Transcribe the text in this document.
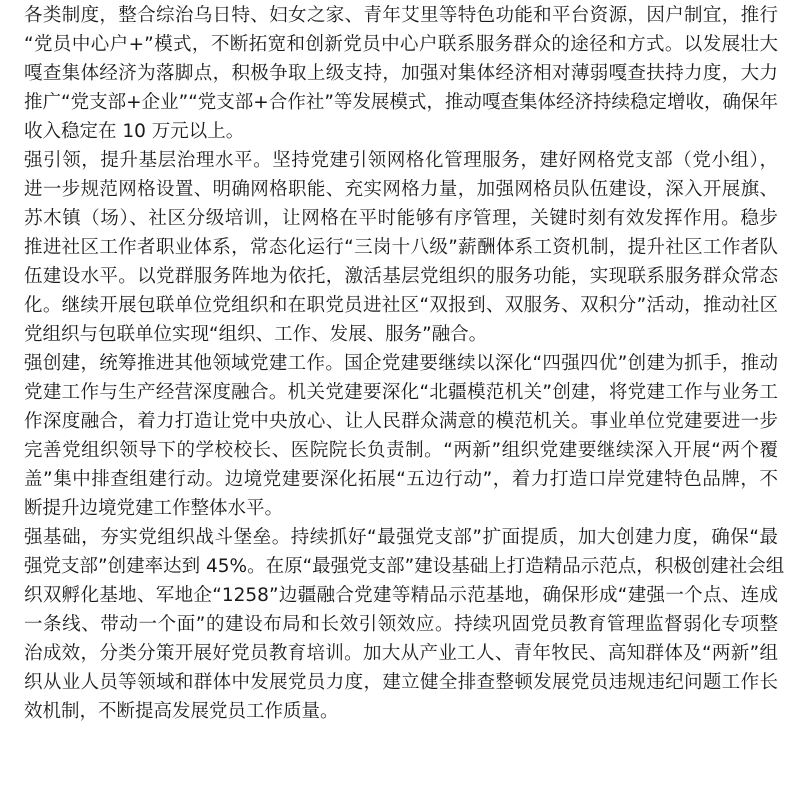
各类制度，整合综治乌日特、妇女之家、青年艾里等特色功能和平台资源，因户制宜，推行
“党员中心户+”模式，不断拓宽和创新党员中心户联系服务群众的途径和方式。以发展壮大
嘎查集体经济为落脚点，积极争取上级支持，加强对集体经济相对薄弱嘎查扶持力度，大力
推广“党支部+企业”“党支部+合作社”等发展模式，推动嘎查集体经济持续稳定增收，确保年
收入稳定在 10 万元以上。
强引领，提升基层治理水平。坚持党建引领网格化管理服务，建好网格党支部（党小组），
进一步规范网格设置、明确网格职能、充实网格力量，加强网格员队伍建设，深入开展旗、
苏木镇（场）、社区分级培训，让网格在平时能够有序管理，关键时刻有效发挥作用。稳步
推进社区工作者职业体系，常态化运行“三岗十八级”薪酬体系工资机制，提升社区工作者队
伍建设水平。以党群服务阵地为依托，激活基层党组织的服务功能，实现联系服务群众常态
化。继续开展包联单位党组织和在职党员进社区“双报到、双服务、双积分”活动，推动社区
党组织与包联单位实现“组织、工作、发展、服务”融合。
强创建，统筹推进其他领域党建工作。国企党建要继续以深化“四强四优”创建为抓手，推动
党建工作与生产经营深度融合。机关党建要深化“北疆模范机关”创建，将党建工作与业务工
作深度融合，着力打造让党中央放心、让人民群众满意的模范机关。事业单位党建要进一步
完善党组织领导下的学校校长、医院院长负责制。“两新”组织党建要继续深入开展“两个覆
盖”集中排查组建行动。边境党建要深化拓展“五边行动”，着力打造口岸党建特色品牌，不
断提升边境党建工作整体水平。
强基础，夯实党组织战斗堡垒。持续抓好“最强党支部”扩面提质，加大创建力度，确保“最
强党支部”创建率达到 45%。在原“最强党支部”建设基础上打造精品示范点，积极创建社会组
织双孵化基地、军地企“1258”边疆融合党建等精品示范基地，确保形成“建强一个点、连成
一条线、带动一个面”的建设布局和长效引领效应。持续巩固党员教育管理监督弱化专项整
治成效，分类分策开展好党员教育培训。加大从产业工人、青年牧民、高知群体及“两新”组
织从业人员等领域和群体中发展党员力度，建立健全排查整顿发展党员违规违纪问题工作长
效机制，不断提高发展党员工作质量。
